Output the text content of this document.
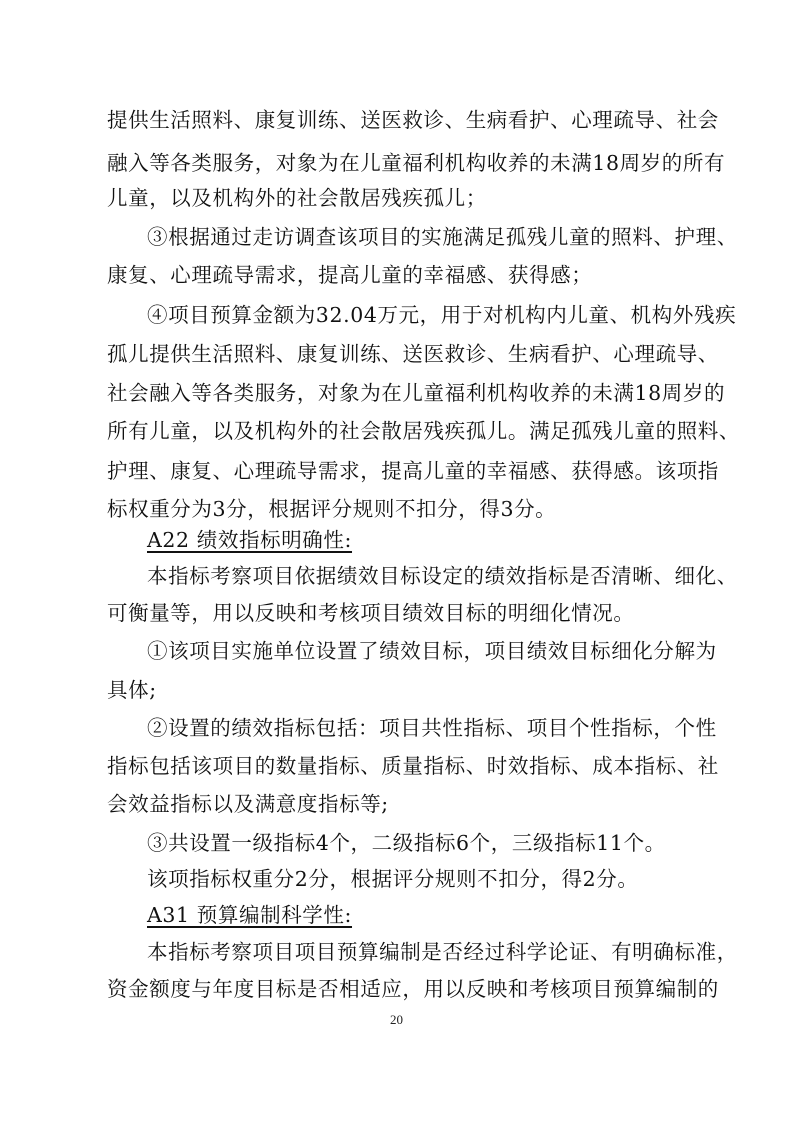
提供生活照料、康复训练、送医救诊、生病看护、心理疏导、社会
融入等各类服务，对象为在儿童福利机构收养的未满18周岁的所有
儿童，以及机构外的社会散居残疾孤儿；
③根据通过走访调查该项目的实施满足孤残儿童的照料、护理、
康复、心理疏导需求，提高儿童的幸福感、获得感；
④项目预算金额为32.04万元，用于对机构内儿童、机构外残疾
孤儿提供生活照料、康复训练、送医救诊、生病看护、心理疏导、
社会融入等各类服务，对象为在儿童福利机构收养的未满18周岁的
所有儿童，以及机构外的社会散居残疾孤儿。满足孤残儿童的照料、
护理、康复、心理疏导需求，提高儿童的幸福感、获得感。该项指
标权重分为3分，根据评分规则不扣分，得3分。
A22 绩效指标明确性:
本指标考察项目依据绩效目标设定的绩效指标是否清晰、细化、
可衡量等，用以反映和考核项目绩效目标的明细化情况。
①该项目实施单位设置了绩效目标，项目绩效目标细化分解为
具体;
②设置的绩效指标包括：项目共性指标、项目个性指标，个性
指标包括该项目的数量指标、质量指标、时效指标、成本指标、社
会效益指标以及满意度指标等;
③共设置一级指标4个，二级指标6个，三级指标11个。
该项指标权重分2分，根据评分规则不扣分，得2分。
A31 预算编制科学性:
本指标考察项目项目预算编制是否经过科学论证、有明确标准，
资金额度与年度目标是否相适应，用以反映和考核项目预算编制的
20
